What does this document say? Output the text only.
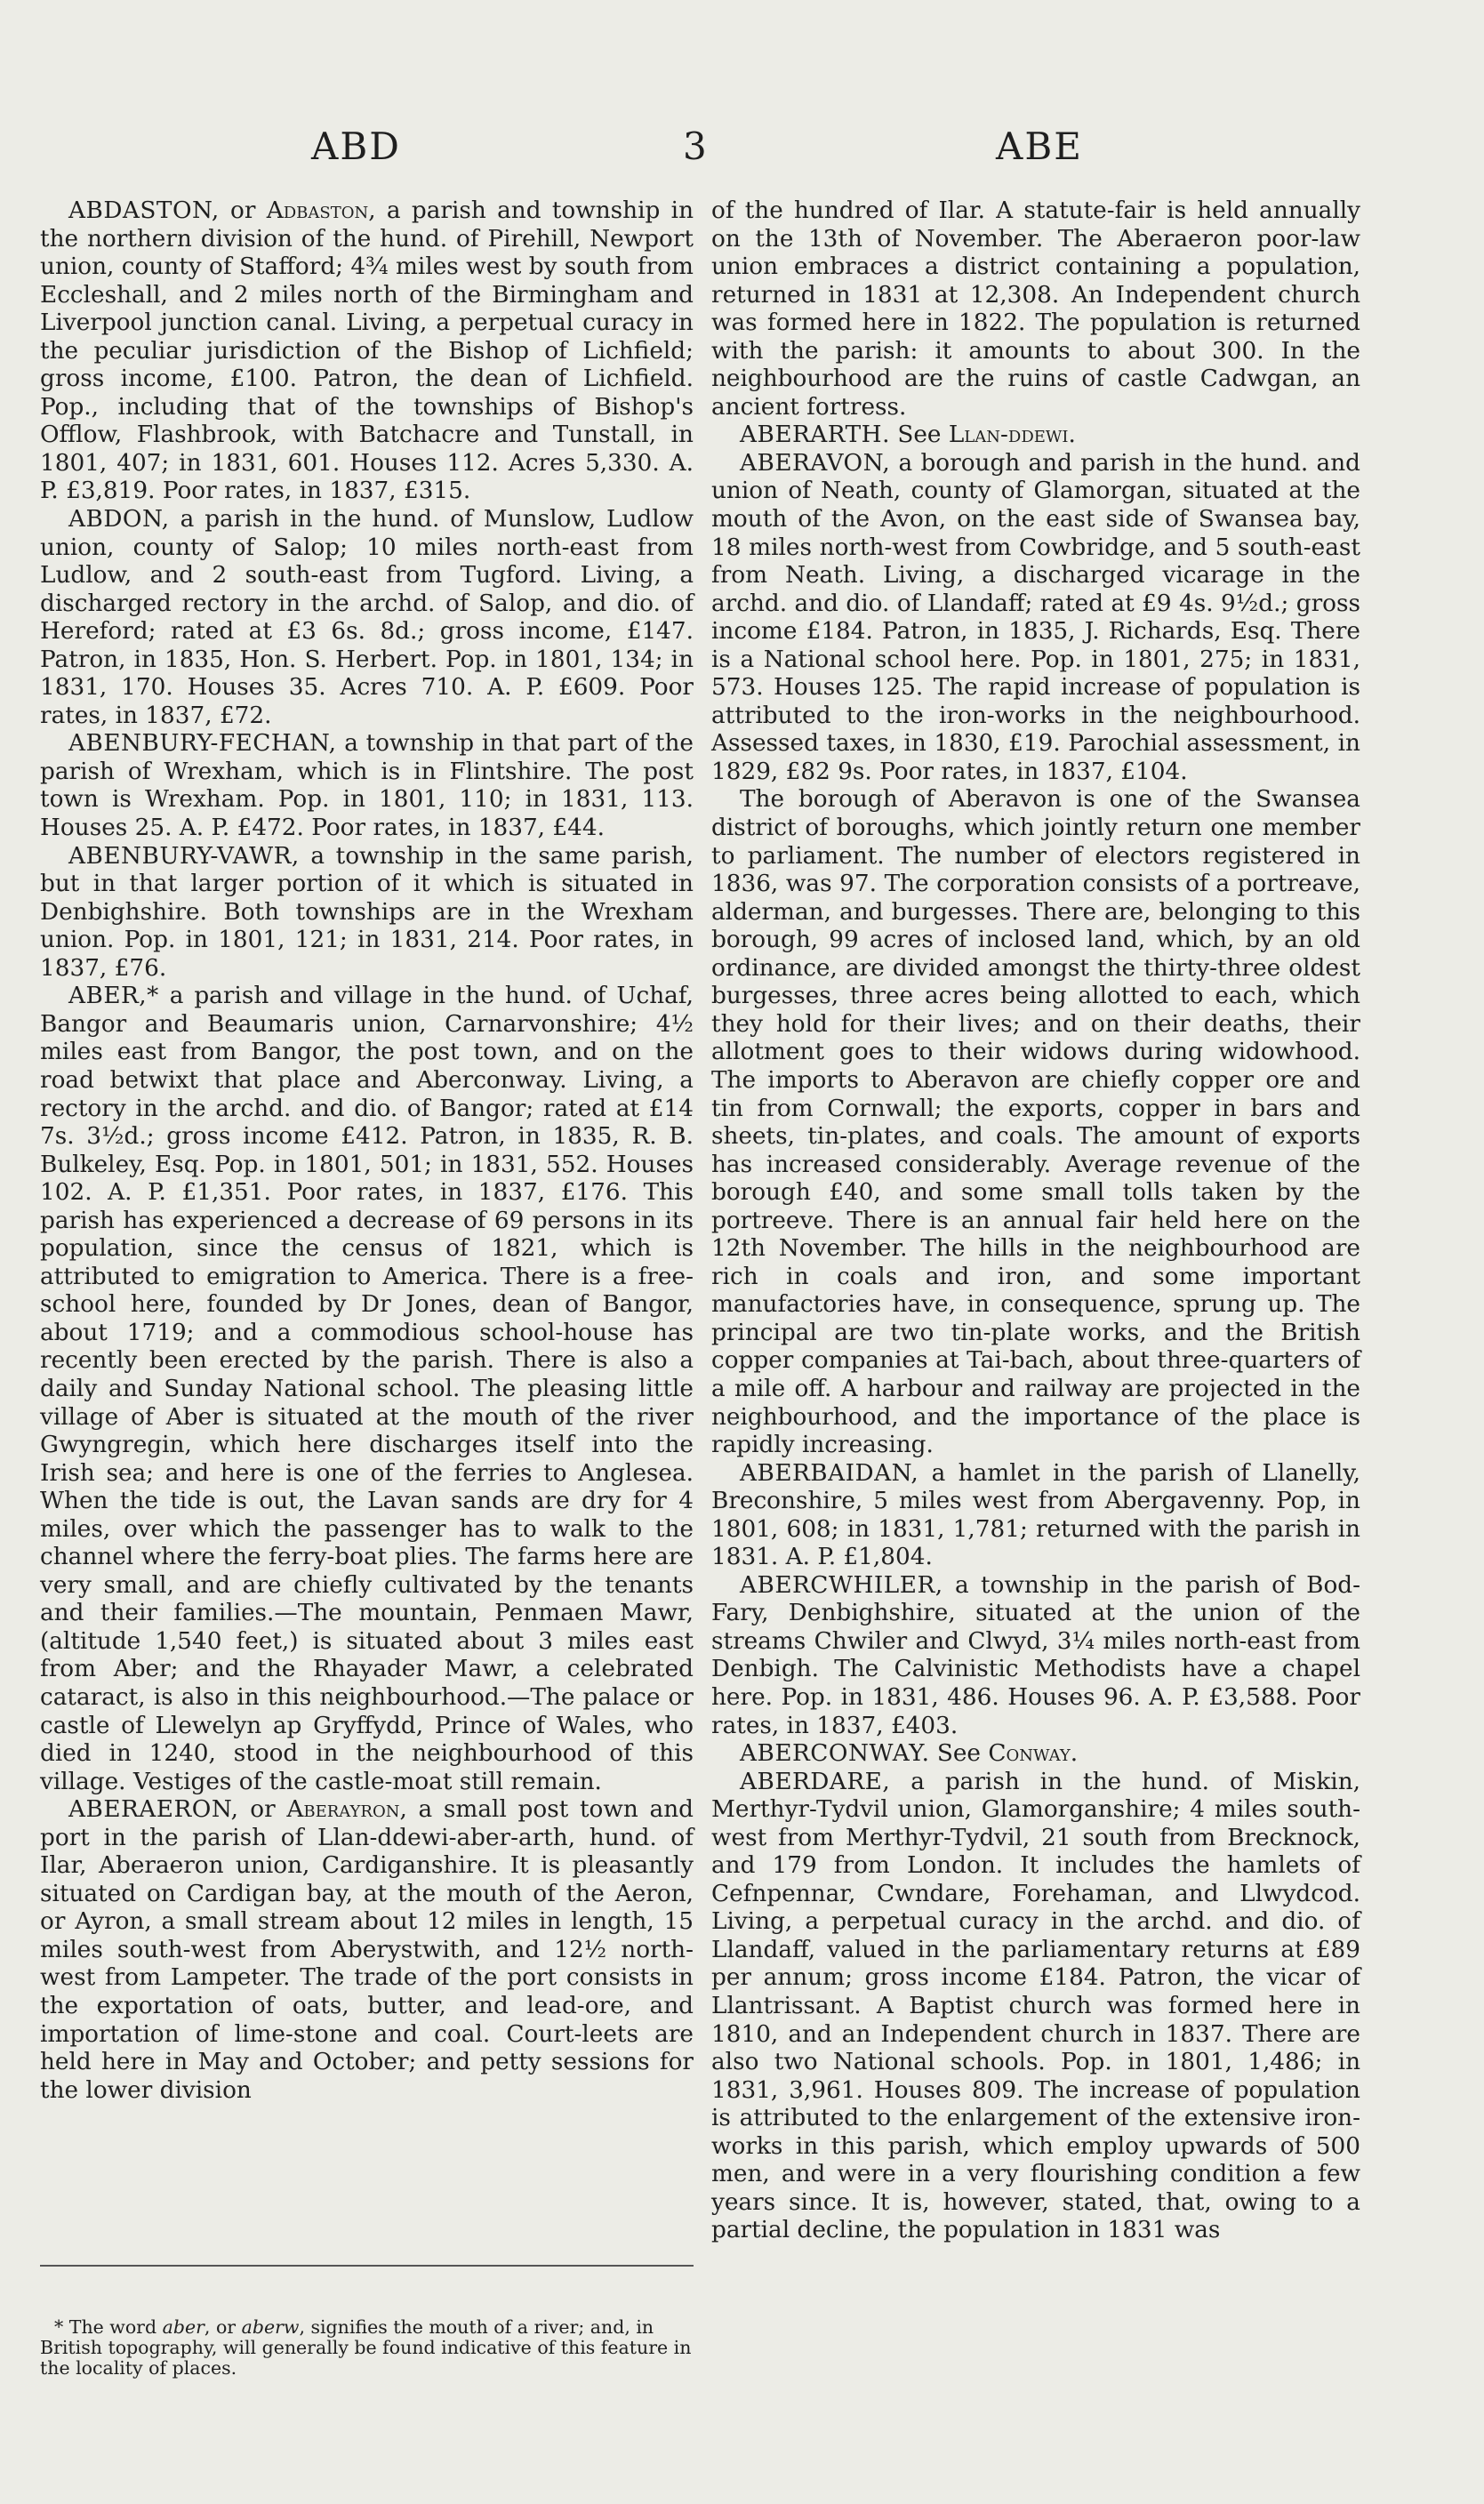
ABD	3	ABE

ABDASTON, or Adbaston, a parish and township in the northern division of the hund. of Pirehill, Newport union, county of Stafford; 4¾ miles west by south from Eccleshall, and 2 miles north of the Birmingham and Liverpool junction canal. Living, a perpetual curacy in the peculiar jurisdiction of the Bishop of Lichfield; gross income, £100. Patron, the dean of Lichfield. Pop., including that of the townships of Bishop's Offlow, Flashbrook, with Batchacre and Tunstall, in 1801, 407; in 1831, 601. Houses 112. Acres 5,330. A. P. £3,819. Poor rates, in 1837, £315.

ABDON, a parish in the hund. of Munslow, Ludlow union, county of Salop; 10 miles north-east from Ludlow, and 2 south-east from Tugford. Living, a discharged rectory in the archd. of Salop, and dio. of Hereford; rated at £3 6s. 8d.; gross income, £147. Patron, in 1835, Hon. S. Herbert. Pop. in 1801, 134; in 1831, 170. Houses 35. Acres 710. A. P. £609. Poor rates, in 1837, £72.

ABENBURY-FECHAN, a township in that part of the parish of Wrexham, which is in Flintshire. The post town is Wrexham. Pop. in 1801, 110; in 1831, 113. Houses 25. A. P. £472. Poor rates, in 1837, £44.

ABENBURY-VAWR, a township in the same parish, but in that larger portion of it which is situated in Denbighshire. Both townships are in the Wrexham union. Pop. in 1801, 121; in 1831, 214. Poor rates, in 1837, £76.

ABER,* a parish and village in the hund. of Uchaf, Bangor and Beaumaris union, Carnarvonshire; 4½ miles east from Bangor, the post town, and on the road betwixt that place and Aberconway. Living, a rectory in the archd. and dio. of Bangor; rated at £14 7s. 3½d.; gross income £412. Patron, in 1835, R. B. Bulkeley, Esq. Pop. in 1801, 501; in 1831, 552. Houses 102. A. P. £1,351. Poor rates, in 1837, £176. This parish has experienced a decrease of 69 persons in its population, since the census of 1821, which is attributed to emigration to America. There is a free-school here, founded by Dr Jones, dean of Bangor, about 1719; and a commodious school-house has recently been erected by the parish. There is also a daily and Sunday National school. The pleasing little village of Aber is situated at the mouth of the river Gwyngregin, which here discharges itself into the Irish sea; and here is one of the ferries to Anglesea. When the tide is out, the Lavan sands are dry for 4 miles, over which the passenger has to walk to the channel where the ferry-boat plies. The farms here are very small, and are chiefly cultivated by the tenants and their families.—The mountain, Penmaen Mawr, (altitude 1,540 feet,) is situated about 3 miles east from Aber; and the Rhayader Mawr, a celebrated cataract, is also in this neighbourhood.—The palace or castle of Llewelyn ap Gryffydd, Prince of Wales, who died in 1240, stood in the neighbourhood of this village. Vestiges of the castle-moat still remain.

ABERAERON, or Aberayron, a small post town and port in the parish of Llan-ddewi-aber-arth, hund. of Ilar, Aberaeron union, Cardiganshire. It is pleasantly situated on Cardigan bay, at the mouth of the Aeron, or Ayron, a small stream about 12 miles in length, 15 miles south-west from Aberystwith, and 12½ north-west from Lampeter. The trade of the port consists in the exportation of oats, butter, and lead-ore, and importation of lime-stone and coal. Court-leets are held here in May and October; and petty sessions for the lower division

of the hundred of Ilar. A statute-fair is held annually on the 13th of November. The Aberaeron poor-law union embraces a district containing a population, returned in 1831 at 12,308. An Independent church was formed here in 1822. The population is returned with the parish: it amounts to about 300. In the neighbourhood are the ruins of castle Cadwgan, an ancient fortress.

ABERARTH. See Llan-ddewi.

ABERAVON, a borough and parish in the hund. and union of Neath, county of Glamorgan, situated at the mouth of the Avon, on the east side of Swansea bay, 18 miles north-west from Cowbridge, and 5 south-east from Neath. Living, a discharged vicarage in the archd. and dio. of Llandaff; rated at £9 4s. 9½d.; gross income £184. Patron, in 1835, J. Richards, Esq. There is a National school here. Pop. in 1801, 275; in 1831, 573. Houses 125. The rapid increase of population is attributed to the iron-works in the neighbourhood. Assessed taxes, in 1830, £19. Parochial assessment, in 1829, £82 9s. Poor rates, in 1837, £104.

The borough of Aberavon is one of the Swansea district of boroughs, which jointly return one member to parliament. The number of electors registered in 1836, was 97. The corporation consists of a portreave, alderman, and burgesses. There are, belonging to this borough, 99 acres of inclosed land, which, by an old ordinance, are divided amongst the thirty-three oldest burgesses, three acres being allotted to each, which they hold for their lives; and on their deaths, their allotment goes to their widows during widowhood. The imports to Aberavon are chiefly copper ore and tin from Cornwall; the exports, copper in bars and sheets, tin-plates, and coals. The amount of exports has increased considerably. Average revenue of the borough £40, and some small tolls taken by the portreeve. There is an annual fair held here on the 12th November. The hills in the neighbourhood are rich in coals and iron, and some important manufactories have, in consequence, sprung up. The principal are two tin-plate works, and the British copper companies at Tai-bach, about three-quarters of a mile off. A harbour and railway are projected in the neighbourhood, and the importance of the place is rapidly increasing.

ABERBAIDAN, a hamlet in the parish of Llanelly, Breconshire, 5 miles west from Abergavenny. Pop, in 1801, 608; in 1831, 1,781; returned with the parish in 1831. A. P. £1,804.

ABERCWHILER, a township in the parish of Bod-Fary, Denbighshire, situated at the union of the streams Chwiler and Clwyd, 3¼ miles north-east from Denbigh. The Calvinistic Methodists have a chapel here. Pop. in 1831, 486. Houses 96. A. P. £3,588. Poor rates, in 1837, £403.

ABERCONWAY. See Conway.

ABERDARE, a parish in the hund. of Miskin, Merthyr-Tydvil union, Glamorganshire; 4 miles south-west from Merthyr-Tydvil, 21 south from Brecknock, and 179 from London. It includes the hamlets of Cefnpennar, Cwndare, Forehaman, and Llwydcod. Living, a perpetual curacy in the archd. and dio. of Llandaff, valued in the parliamentary returns at £89 per annum; gross income £184. Patron, the vicar of Llantrissant. A Baptist church was formed here in 1810, and an Independent church in 1837. There are also two National schools. Pop. in 1801, 1,486; in 1831, 3,961. Houses 809. The increase of population is attributed to the enlargement of the extensive iron-works in this parish, which employ upwards of 500 men, and were in a very flourishing condition a few years since. It is, however, stated, that, owing to a partial decline, the population in 1831 was

* The word aber, or aberw, signifies the mouth of a river; and, in British topography, will generally be found indicative of this feature in the locality of places.
